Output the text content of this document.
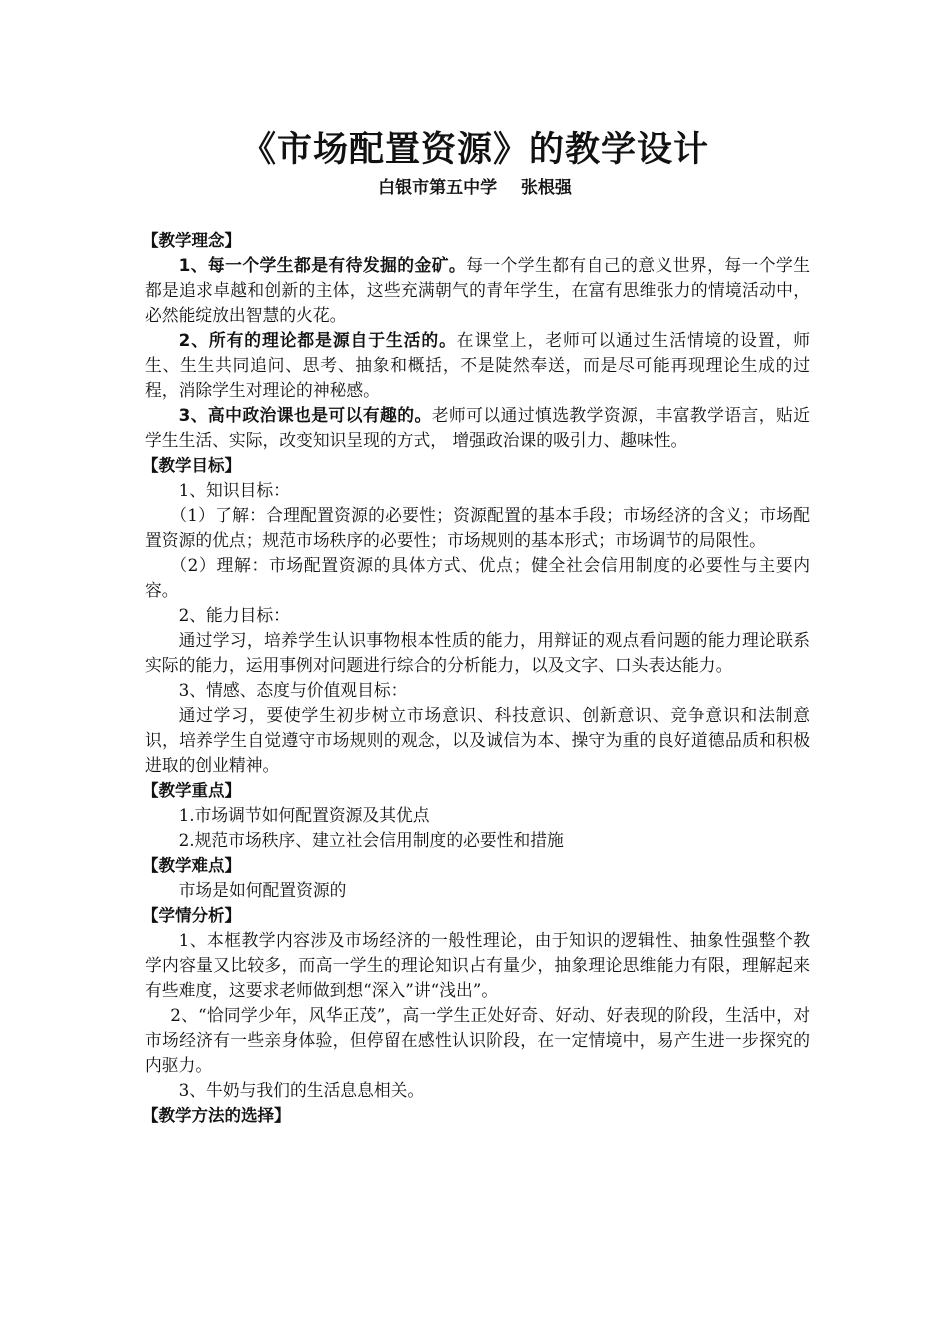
《市场配置资源》的教学设计
白银市第五中学    张根强
【教学理念】
1、每一个学生都是有待发掘的金矿。每一个学生都有自己的意义世界，每一个学生都是追求卓越和创新的主体，这些充满朝气的青年学生，在富有思维张力的情境活动中，必然能绽放出智慧的火花。
2、所有的理论都是源自于生活的。在课堂上，老师可以通过生活情境的设置，师生、生生共同追问、思考、抽象和概括，不是陡然奉送，而是尽可能再现理论生成的过程，消除学生对理论的神秘感。
3、高中政治课也是可以有趣的。老师可以通过慎选教学资源，丰富教学语言，贴近学生生活、实际，改变知识呈现的方式， 增强政治课的吸引力、趣味性。
【教学目标】
1、知识目标：
（1）了解：合理配置资源的必要性；资源配置的基本手段；市场经济的含义；市场配置资源的优点；规范市场秩序的必要性；市场规则的基本形式；市场调节的局限性。
（2）理解：市场配置资源的具体方式、优点；健全社会信用制度的必要性与主要内容。
2、能力目标：
通过学习，培养学生认识事物根本性质的能力，用辩证的观点看问题的能力理论联系实际的能力，运用事例对问题进行综合的分析能力，以及文字、口头表达能力。
3、情感、态度与价值观目标：
通过学习，要使学生初步树立市场意识、科技意识、创新意识、竞争意识和法制意识，培养学生自觉遵守市场规则的观念，以及诚信为本、操守为重的良好道德品质和积极进取的创业精神。
【教学重点】
1.市场调节如何配置资源及其优点
2.规范市场秩序、建立社会信用制度的必要性和措施
【教学难点】
市场是如何配置资源的
【学情分析】
1、本框教学内容涉及市场经济的一般性理论，由于知识的逻辑性、抽象性强整个教学内容量又比较多，而高一学生的理论知识占有量少，抽象理论思维能力有限，理解起来有些难度，这要求老师做到想“深入”讲“浅出”。
2、“恰同学少年，风华正茂”，高一学生正处好奇、好动、好表现的阶段，生活中，对市场经济有一些亲身体验，但停留在感性认识阶段，在一定情境中，易产生进一步探究的内驱力。
3、牛奶与我们的生活息息相关。
【教学方法的选择】
